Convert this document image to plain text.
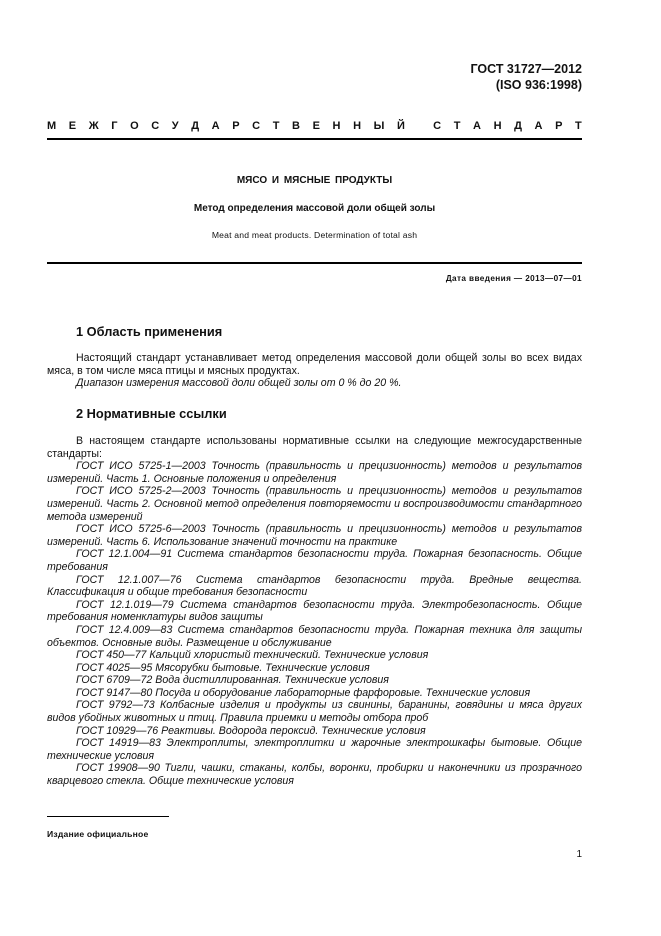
ГОСТ 31727—2012
(ISO 936:1998)
М Е Ж Г О С У Д А Р С Т В Е Н Н Ы Й
	С Т А Н Д А Р Т
МЯСО И МЯСНЫЕ ПРОДУКТЫ
Метод определения массовой доли общей золы
Meat and meat products. Determination of total ash
Дата введения — 2013—07—01
1 Область применения

Настоящий стандарт устанавливает метод определения массовой доли общей золы во всех видах мяса, в том числе мяса птицы и мясных продуктах.

Диапазон измерения массовой доли общей золы от 0 % до 20 %.

2 Нормативные ссылки

В настоящем стандарте использованы нормативные ссылки на следующие межгосударственные стандарты:

ГОСТ ИСО 5725-1—2003 Точность (правильность и прецизионность) методов и результатов измерений. Часть 1. Основные положения и определения

ГОСТ ИСО 5725-2—2003 Точность (правильность и прецизионность) методов и результатов измерений. Часть 2. Основной метод определения повторяемости и воспроизводимости стандартного метода измерений

ГОСТ ИСО 5725-6—2003 Точность (правильность и прецизионность) методов и результатов измерений. Часть 6. Использование значений точности на практике

ГОСТ 12.1.004—91 Система стандартов безопасности труда. Пожарная безопасность. Общие требования

ГОСТ 12.1.007—76 Система стандартов безопасности труда. Вредные вещества. Классификация и общие требования безопасности

ГОСТ 12.1.019—79 Система стандартов безопасности труда. Электробезопасность. Общие требования номенклатуры видов защиты

ГОСТ 12.4.009—83 Система стандартов безопасности труда. Пожарная техника для защиты объектов. Основные виды. Размещение и обслуживание

ГОСТ 450—77 Кальций хлористый технический. Технические условия

ГОСТ 4025—95 Мясорубки бытовые. Технические условия

ГОСТ 6709—72 Вода дистиллированная. Технические условия

ГОСТ 9147—80 Посуда и оборудование лабораторные фарфоровые. Технические условия

ГОСТ 9792—73 Колбасные изделия и продукты из свинины, баранины, говядины и мяса других видов убойных животных и птиц. Правила приемки и методы отбора проб

ГОСТ 10929—76 Реактивы. Водорода пероксид. Технические условия

ГОСТ 14919—83 Электроплиты, электроплитки и жарочные электрошкафы бытовые. Общие технические условия

ГОСТ 19908—90 Тигли, чашки, стаканы, колбы, воронки, пробирки и наконечники из прозрачного кварцевого стекла. Общие технические условия

Издание официальное
1
